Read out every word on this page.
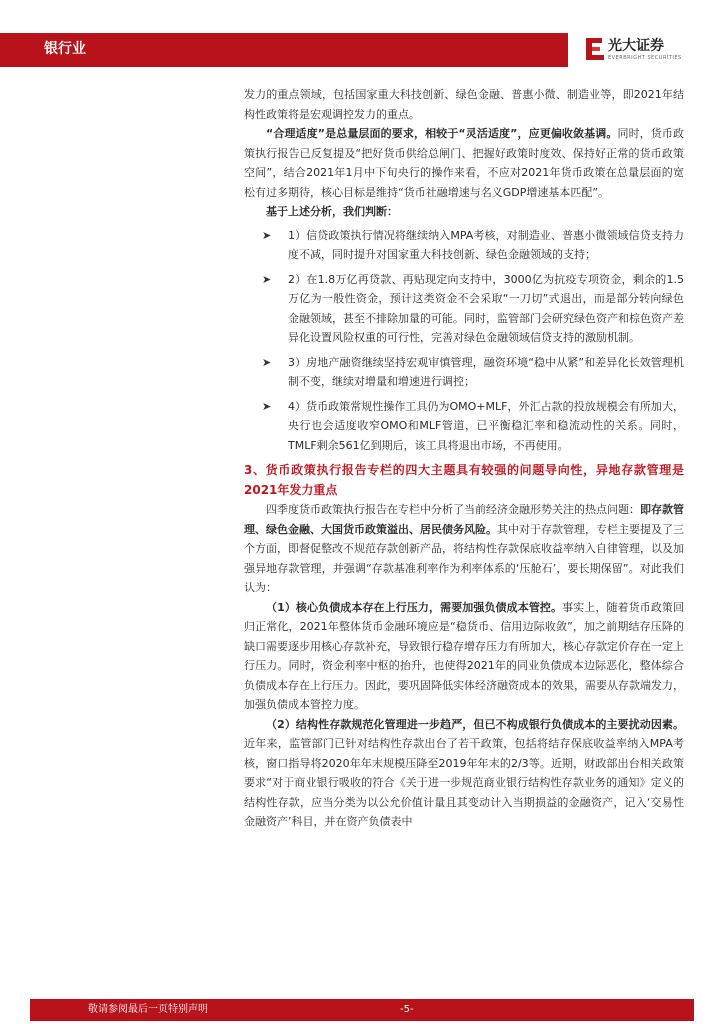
银行业	光大证券
EVERBRIGHT SECURITIES

发力的重点领域，包括国家重大科技创新、绿色金融、普惠小微、制造业等，即2021年结构性政策将是宏观调控发力的重点。

“合理适度”是总量层面的要求，相较于“灵活适度”，应更偏收敛基调。同时，货币政策执行报告已反复提及“把好货币供给总闸门、把握好政策时度效、保持好正常的货币政策空间”，结合2021年1月中下旬央行的操作来看，不应对2021年货币政策在总量层面的宽松有过多期待，核心目标是维持“货币社融增速与名义GDP增速基本匹配”。

基于上述分析，我们判断：

➤	1）信贷政策执行情况将继续纳入MPA考核，对制造业、普惠小微领域信贷支持力度不减，同时提升对国家重大科技创新、绿色金融领域的支持；
➤	2）在1.8万亿再贷款、再贴现定向支持中，3000亿为抗疫专项资金，剩余的1.5万亿为一般性资金，预计这类资金不会采取“一刀切”式退出，而是部分转向绿色金融领域，甚至不排除加量的可能。同时，监管部门会研究绿色资产和棕色资产差异化设置风险权重的可行性，完善对绿色金融领域信贷支持的激励机制。
➤	3）房地产融资继续坚持宏观审慎管理，融资环境“稳中从紧”和差异化长效管理机制不变，继续对增量和增速进行调控；
➤	4）货币政策常规性操作工具仍为OMO+MLF，外汇占款的投放规模会有所加大，央行也会适度收窄OMO和MLF管道，已平衡稳汇率和稳流动性的关系。同时，TMLF剩余561亿到期后，该工具将退出市场，不再使用。

3、货币政策执行报告专栏的四大主题具有较强的问题导向性，异地存款管理是2021年发力重点

四季度货币政策执行报告在专栏中分析了当前经济金融形势关注的热点问题：即存款管理、绿色金融、大国货币政策溢出、居民债务风险。其中对于存款管理，专栏主要提及了三个方面，即督促整改不规范存款创新产品，将结构性存款保底收益率纳入自律管理，以及加强异地存款管理，并强调“存款基准利率作为利率体系的‘压舱石’，要长期保留”。对此我们认为：

（1）核心负债成本存在上行压力，需要加强负债成本管控。事实上，随着货币政策回归正常化，2021年整体货币金融环境应是“稳货币、信用边际收敛”，加之前期结存压降的缺口需要逐步用核心存款补充，导致银行稳存增存压力有所加大，核心存款定价存在一定上行压力。同时，资金利率中枢的抬升，也使得2021年的同业负债成本边际恶化，整体综合负债成本存在上行压力。因此，要巩固降低实体经济融资成本的效果，需要从存款端发力，加强负债成本管控力度。

（2）结构性存款规范化管理进一步趋严，但已不构成银行负债成本的主要扰动因素。近年来，监管部门已针对结构性存款出台了若干政策，包括将结存保底收益率纳入MPA考核，窗口指导将2020年年末规模压降至2019年年末的2/3等。近期，财政部出台相关政策要求“对于商业银行吸收的符合《关于进一步规范商业银行结构性存款业务的通知》定义的结构性存款，应当分类为以公允价值计量且其变动计入当期损益的金融资产，记入‘交易性金融资产’科目，并在资产负债表中

敬请参阅最后一页特别声明	-5-
